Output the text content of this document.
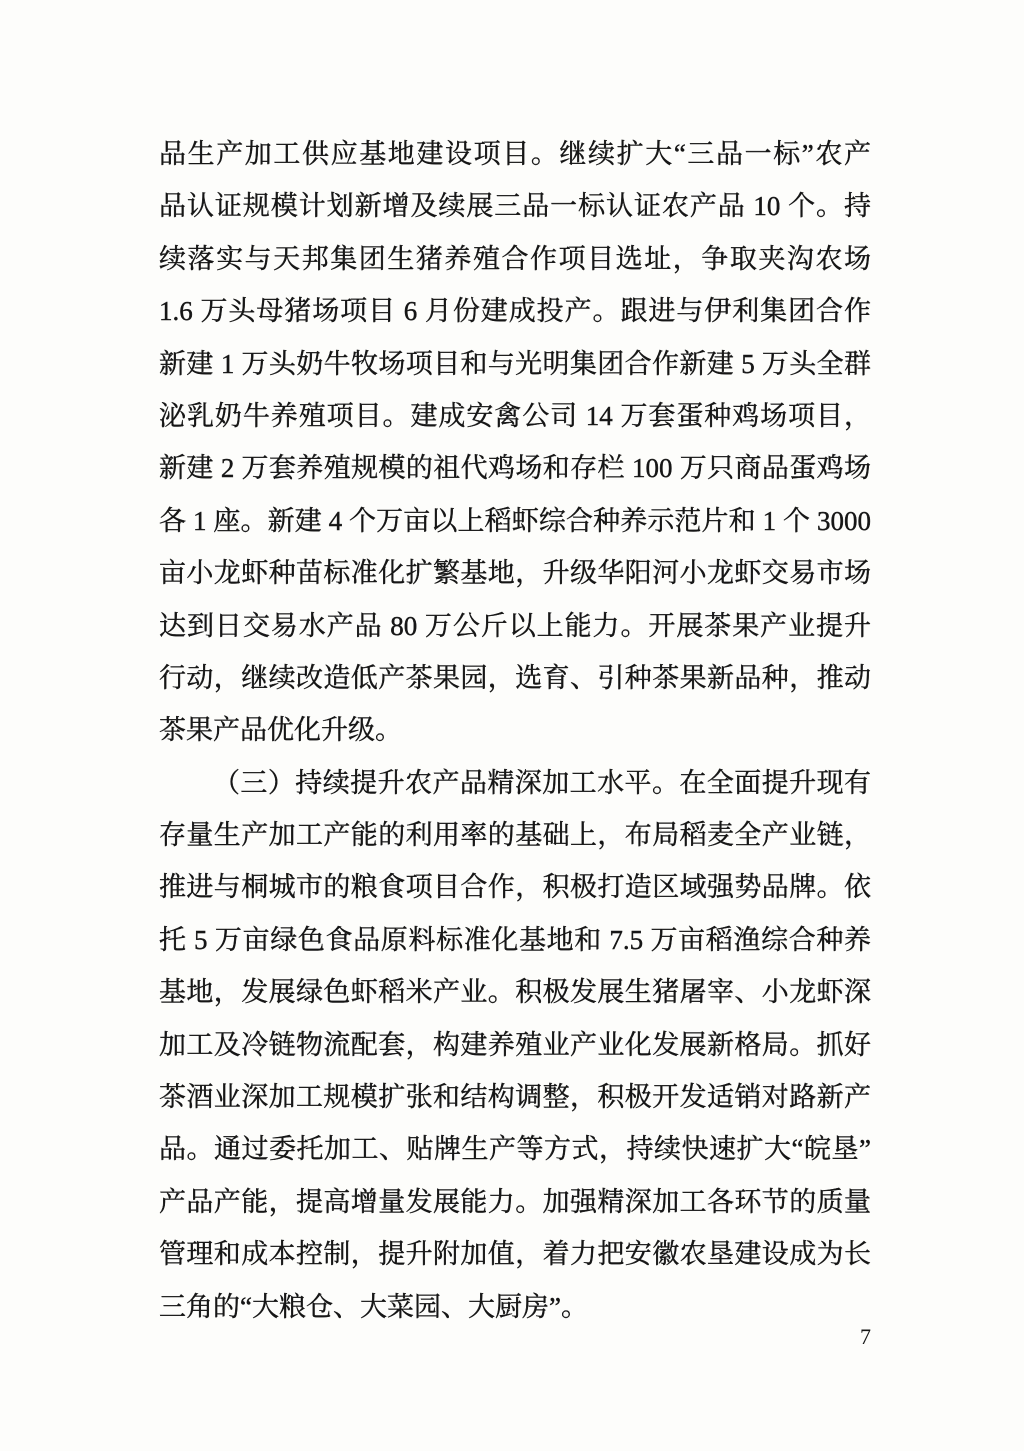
品生产加工供应基地建设项目。继续扩大“三品一标”农产
品认证规模计划新增及续展三品一标认证农产品 10 个。持
续落实与天邦集团生猪养殖合作项目选址，争取夹沟农场
1.6 万头母猪场项目 6 月份建成投产。跟进与伊利集团合作
新建 1 万头奶牛牧场项目和与光明集团合作新建 5 万头全群
泌乳奶牛养殖项目。建成安禽公司 14 万套蛋种鸡场项目，
新建 2 万套养殖规模的祖代鸡场和存栏 100 万只商品蛋鸡场
各 1 座。新建 4 个万亩以上稻虾综合种养示范片和 1 个 3000
亩小龙虾种苗标准化扩繁基地，升级华阳河小龙虾交易市场
达到日交易水产品 80 万公斤以上能力。开展茶果产业提升
行动，继续改造低产茶果园，选育、引种茶果新品种，推动
茶果产品优化升级。
（三）持续提升农产品精深加工水平。在全面提升现有
存量生产加工产能的利用率的基础上，布局稻麦全产业链，
推进与桐城市的粮食项目合作，积极打造区域强势品牌。依
托 5 万亩绿色食品原料标准化基地和 7.5 万亩稻渔综合种养
基地，发展绿色虾稻米产业。积极发展生猪屠宰、小龙虾深
加工及冷链物流配套，构建养殖业产业化发展新格局。抓好
茶酒业深加工规模扩张和结构调整，积极开发适销对路新产
品。通过委托加工、贴牌生产等方式，持续快速扩大“皖垦”
产品产能，提高增量发展能力。加强精深加工各环节的质量
管理和成本控制，提升附加值，着力把安徽农垦建设成为长
三角的“大粮仓、大菜园、大厨房”。
7
